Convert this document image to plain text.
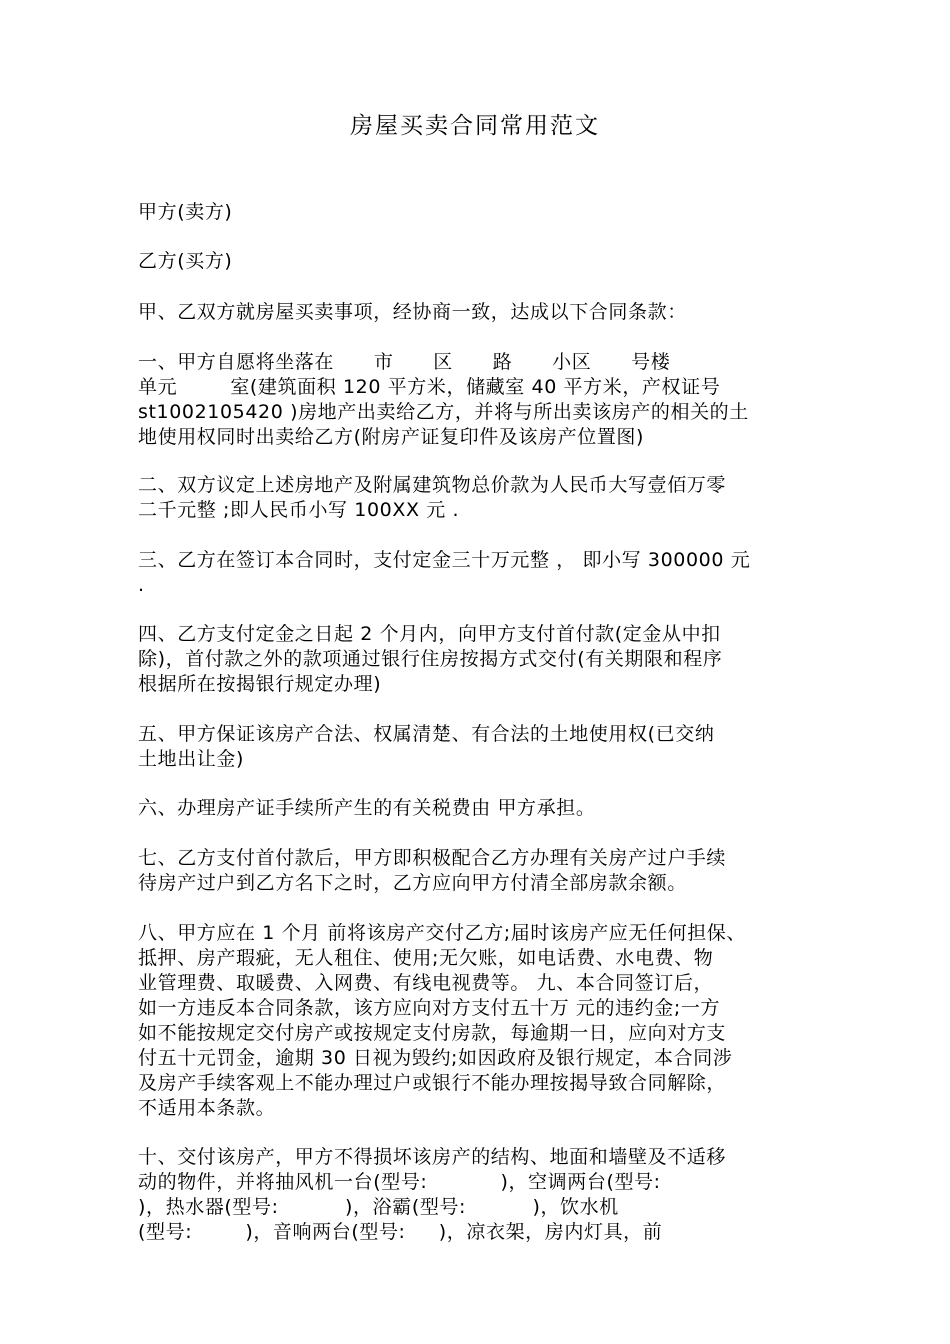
房屋买卖合同常用范文
甲方(卖方)
乙方(买方)
甲、乙双方就房屋买卖事项，经协商一致，达成以下合同条款：
一、甲方自愿将坐落在      市      区      路      小区      号楼
单元        室(建筑面积 120 平方米，储藏室 40 平方米，产权证号
st1002105420 )房地产出卖给乙方，并将与所出卖该房产的相关的土
地使用权同时出卖给乙方(附房产证复印件及该房产位置图)
二、双方议定上述房地产及附属建筑物总价款为人民币大写壹佰万零
二千元整 ;即人民币小写 100XX 元 .
三、乙方在签订本合同时，支付定金三十万元整 ， 即小写 300000 元
.
四、乙方支付定金之日起 2 个月内，向甲方支付首付款(定金从中扣
除)，首付款之外的款项通过银行住房按揭方式交付(有关期限和程序
根据所在按揭银行规定办理)
五、甲方保证该房产合法、权属清楚、有合法的土地使用权(已交纳
土地出让金)
六、办理房产证手续所产生的有关税费由 甲方承担。
七、乙方支付首付款后，甲方即积极配合乙方办理有关房产过户手续
待房产过户到乙方名下之时，乙方应向甲方付清全部房款余额。
八、甲方应在 1 个月 前将该房产交付乙方;届时该房产应无任何担保、
抵押、房产瑕疵，无人租住、使用;无欠账，如电话费、水电费、物
业管理费、取暖费、入网费、有线电视费等。 九、本合同签订后，
如一方违反本合同条款，该方应向对方支付五十万 元的违约金;一方
如不能按规定交付房产或按规定支付房款，每逾期一日，应向对方支
付五十元罚金，逾期 30 日视为毁约;如因政府及银行规定，本合同涉
及房产手续客观上不能办理过户或银行不能办理按揭导致合同解除，
不适用本条款。
十、交付该房产，甲方不得损坏该房产的结构、地面和墙壁及不适移
动的物件，并将抽风机一台(型号:           )，空调两台(型号:
)，热水器(型号:          )，浴霸(型号:          )，饮水机
(型号:        )，音响两台(型号:     )，凉衣架，房内灯具，前
